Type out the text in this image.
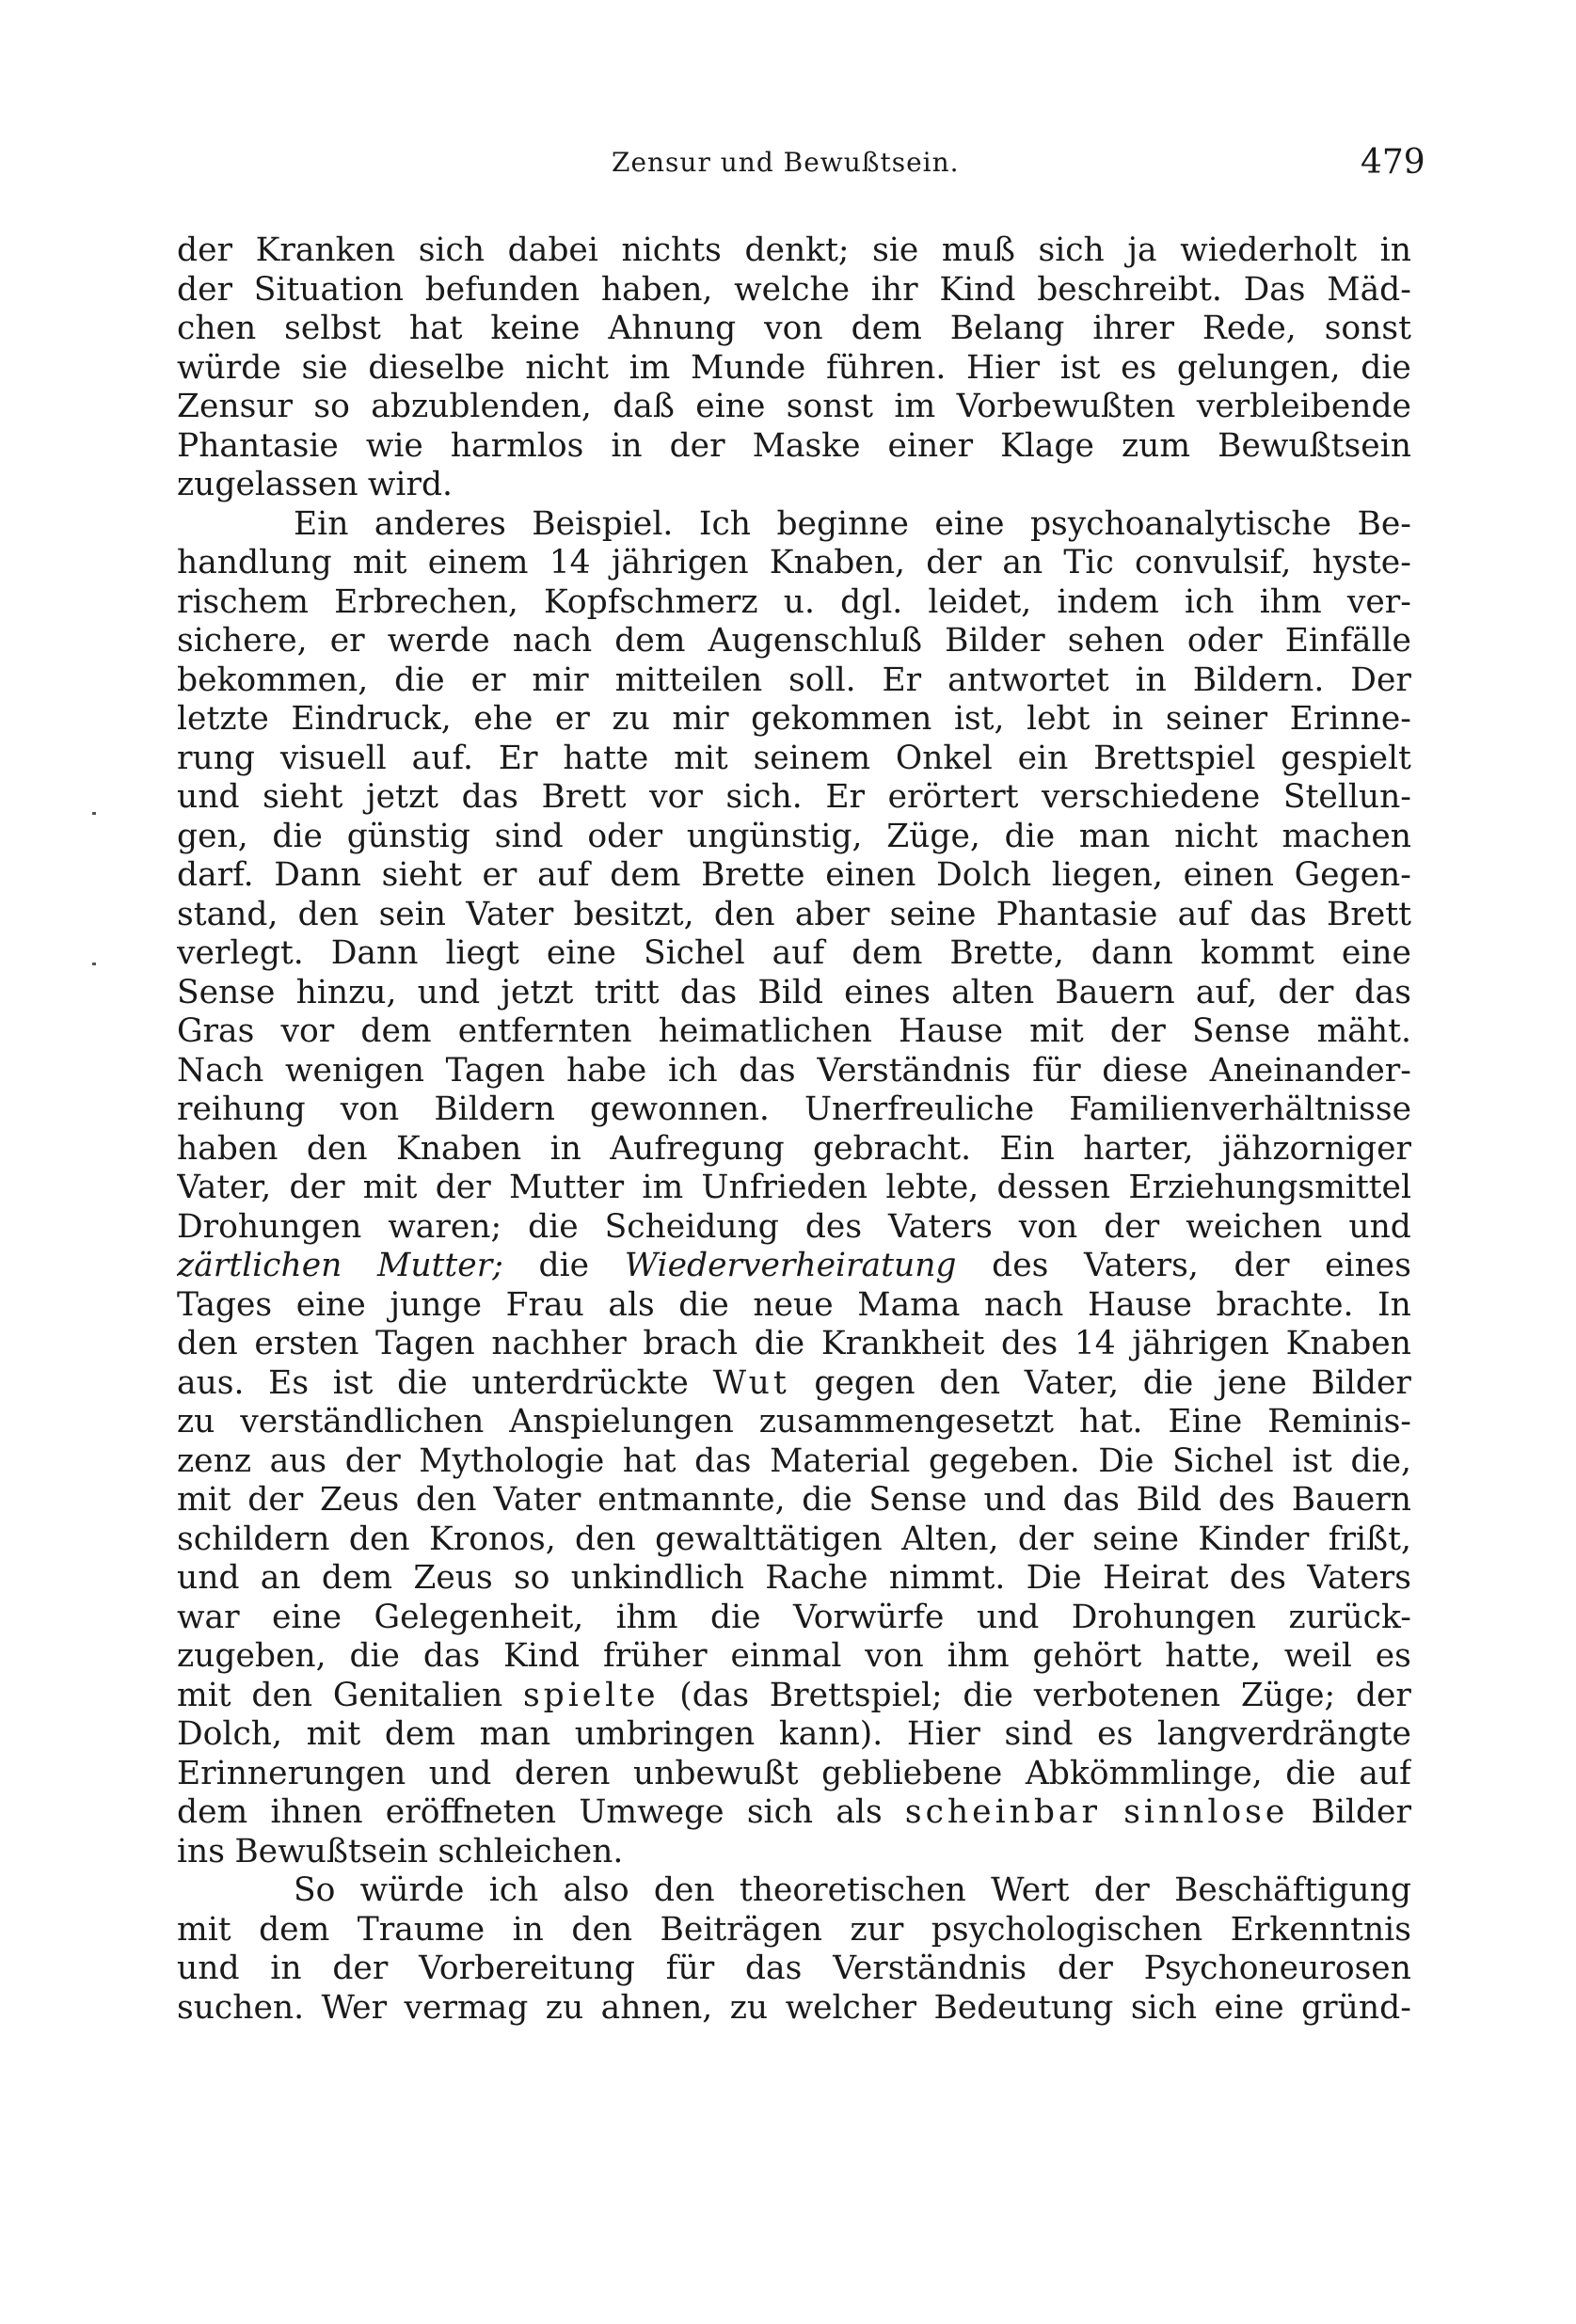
Zensur und Bewußtsein.	479
der Kranken sich dabei nichts denkt; sie muß sich ja wiederholt in
der Situation befunden haben, welche ihr Kind beschreibt. Das Mäd-
chen selbst hat keine Ahnung von dem Belang ihrer Rede, sonst
würde sie dieselbe nicht im Munde führen. Hier ist es gelungen, die
Zensur so abzublenden, daß eine sonst im Vorbewußten verbleibende
Phantasie wie harmlos in der Maske einer Klage zum Bewußtsein
zugelassen wird.
Ein anderes Beispiel. Ich beginne eine psychoanalytische Be-
handlung mit einem 14 jährigen Knaben, der an Tic convulsif, hyste-
rischem Erbrechen, Kopfschmerz u. dgl. leidet, indem ich ihm ver-
sichere, er werde nach dem Augenschluß Bilder sehen oder Einfälle
bekommen, die er mir mitteilen soll. Er antwortet in Bildern. Der
letzte Eindruck, ehe er zu mir gekommen ist, lebt in seiner Erinne-
rung visuell auf. Er hatte mit seinem Onkel ein Brettspiel gespielt
und sieht jetzt das Brett vor sich. Er erörtert verschiedene Stellun-
gen, die günstig sind oder ungünstig, Züge, die man nicht machen
darf. Dann sieht er auf dem Brette einen Dolch liegen, einen Gegen-
stand, den sein Vater besitzt, den aber seine Phantasie auf das Brett
verlegt. Dann liegt eine Sichel auf dem Brette, dann kommt eine
Sense hinzu, und jetzt tritt das Bild eines alten Bauern auf, der das
Gras vor dem entfernten heimatlichen Hause mit der Sense mäht.
Nach wenigen Tagen habe ich das Verständnis für diese Aneinander-
reihung von Bildern gewonnen. Unerfreuliche Familienverhältnisse
haben den Knaben in Aufregung gebracht. Ein harter, jähzorniger
Vater, der mit der Mutter im Unfrieden lebte, dessen Erziehungsmittel
Drohungen waren; die Scheidung des Vaters von der weichen und
zärtlichen Mutter; die Wiederverheiratung des Vaters, der eines
Tages eine junge Frau als die neue Mama nach Hause brachte. In
den ersten Tagen nachher brach die Krankheit des 14 jährigen Knaben
aus. Es ist die unterdrückte Wut gegen den Vater, die jene Bilder
zu verständlichen Anspielungen zusammengesetzt hat. Eine Reminis-
zenz aus der Mythologie hat das Material gegeben. Die Sichel ist die,
mit der Zeus den Vater entmannte, die Sense und das Bild des Bauern
schildern den Kronos, den gewalttätigen Alten, der seine Kinder frißt,
und an dem Zeus so unkindlich Rache nimmt. Die Heirat des Vaters
war eine Gelegenheit, ihm die Vorwürfe und Drohungen zurück-
zugeben, die das Kind früher einmal von ihm gehört hatte, weil es
mit den Genitalien spielte (das Brettspiel; die verbotenen Züge; der
Dolch, mit dem man umbringen kann). Hier sind es langverdrängte
Erinnerungen und deren unbewußt gebliebene Abkömmlinge, die auf
dem ihnen eröffneten Umwege sich als scheinbar sinnlose Bilder
ins Bewußtsein schleichen.
So würde ich also den theoretischen Wert der Beschäftigung
mit dem Traume in den Beiträgen zur psychologischen Erkenntnis
und in der Vorbereitung für das Verständnis der Psychoneurosen
suchen. Wer vermag zu ahnen, zu welcher Bedeutung sich eine gründ-
